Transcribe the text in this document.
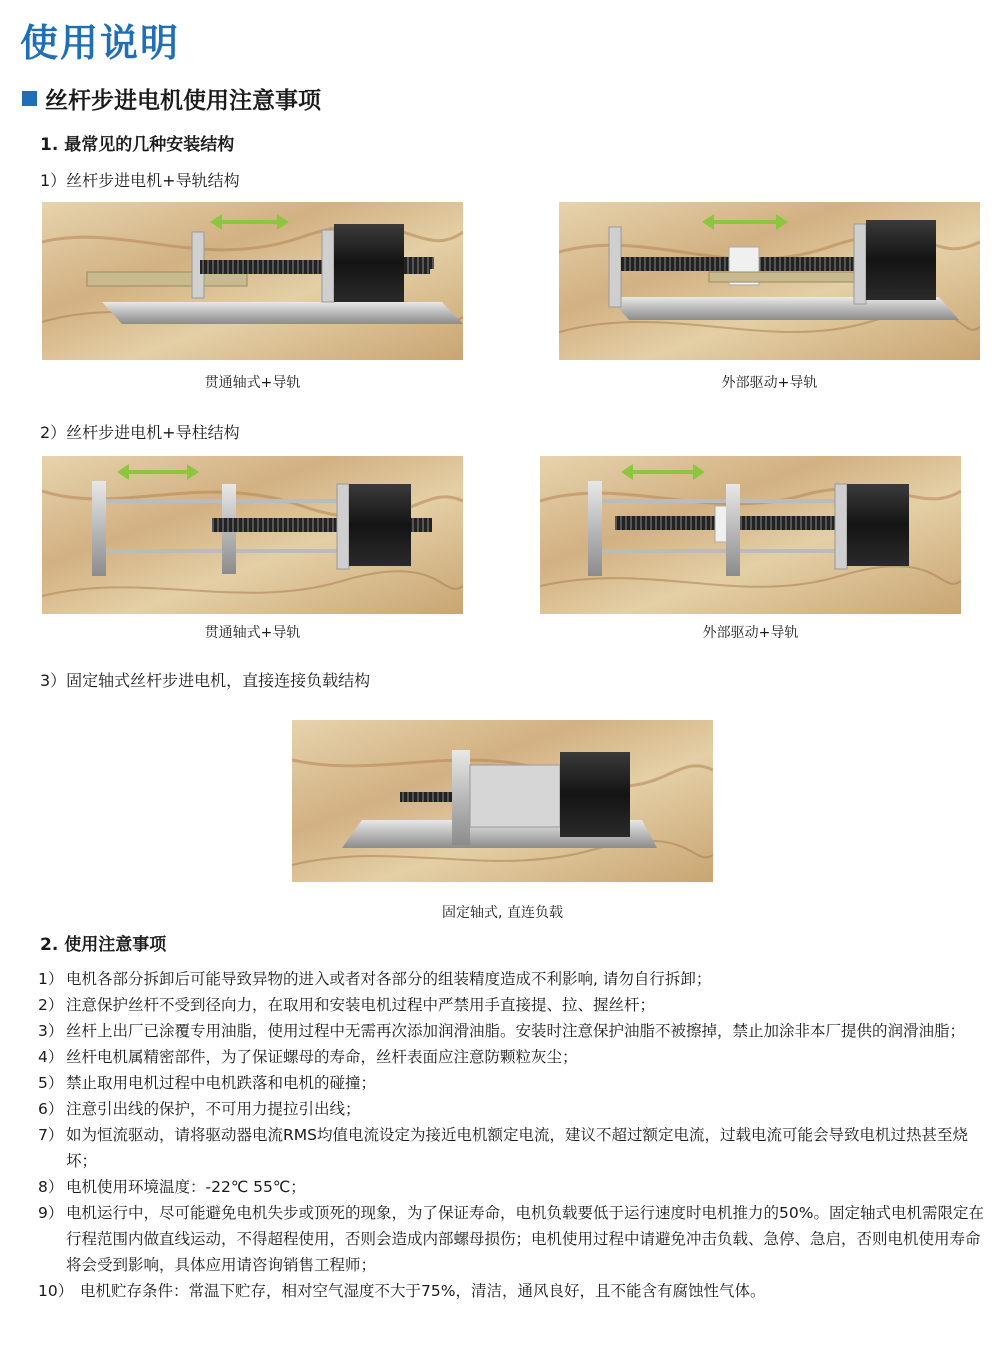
使用说明
丝杆步进电机使用注意事项
1. 最常见的几种安装结构
1）丝杆步进电机+导轨结构
贯通轴式+导轨	外部驱动+导轨
2）丝杆步进电机+导柱结构
贯通轴式+导轨	外部驱动+导轨
3）固定轴式丝杆步进电机，直接连接负载结构
固定轴式, 直连负载
2. 使用注意事项
1） 电机各部分拆卸后可能导致异物的进入或者对各部分的组装精度造成不利影响, 请勿自行拆卸；
2） 注意保护丝杆不受到径向力，在取用和安装电机过程中严禁用手直接提、拉、握丝杆；
3） 丝杆上出厂已涂覆专用油脂，使用过程中无需再次添加润滑油脂。安装时注意保护油脂不被擦掉，禁止加涂非本厂提供的润滑油脂；
4） 丝杆电机属精密部件，为了保证螺母的寿命，丝杆表面应注意防颗粒灰尘；
5） 禁止取用电机过程中电机跌落和电机的碰撞；
6） 注意引出线的保护，不可用力提拉引出线；
7） 如为恒流驱动，请将驱动器电流RMS均值电流设定为接近电机额定电流，建议不超过额定电流，过载电流可能会导致电机过热甚至烧坏；
8） 电机使用环境温度：-22℃ 55℃；
9） 电机运行中，尽可能避免电机失步或顶死的现象，为了保证寿命，电机负载要低于运行速度时电机推力的50%。固定轴式电机需限定在行程范围内做直线运动，不得超程使用，否则会造成内部螺母损伤；电机使用过程中请避免冲击负载、急停、急启，否则电机使用寿命将会受到影响，具体应用请咨询销售工程师；
10） 电机贮存条件：常温下贮存，相对空气湿度不大于75%，清洁，通风良好，且不能含有腐蚀性气体。
